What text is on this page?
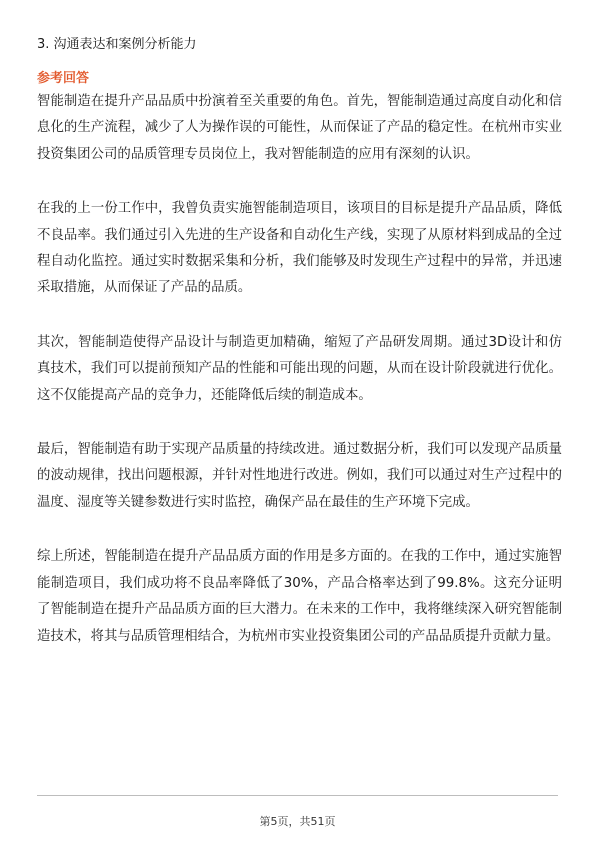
3. 沟通表达和案例分析能力
参考回答

智能制造在提升产品品质中扮演着至关重要的角色。首先，智能制造通过高度自动化和信息化的生产流程，减少了人为操作误的可能性，从而保证了产品的稳定性。在杭州市实业投资集团公司的品质管理专员岗位上，我对智能制造的应用有深刻的认识。

在我的上一份工作中，我曾负责实施智能制造项目，该项目的目标是提升产品品质，降低不良品率。我们通过引入先进的生产设备和自动化生产线，实现了从原材料到成品的全过程自动化监控。通过实时数据采集和分析，我们能够及时发现生产过程中的异常，并迅速采取措施，从而保证了产品的品质。

其次，智能制造使得产品设计与制造更加精确，缩短了产品研发周期。通过3D设计和仿真技术，我们可以提前预知产品的性能和可能出现的问题，从而在设计阶段就进行优化。这不仅能提高产品的竞争力，还能降低后续的制造成本。

最后，智能制造有助于实现产品质量的持续改进。通过数据分析，我们可以发现产品质量的波动规律，找出问题根源，并针对性地进行改进。例如，我们可以通过对生产过程中的温度、湿度等关键参数进行实时监控，确保产品在最佳的生产环境下完成。

综上所述，智能制造在提升产品品质方面的作用是多方面的。在我的工作中，通过实施智能制造项目，我们成功将不良品率降低了30%，产品合格率达到了99.8%。这充分证明了智能制造在提升产品品质方面的巨大潜力。在未来的工作中，我将继续深入研究智能制造技术，将其与品质管理相结合，为杭州市实业投资集团公司的产品品质提升贡献力量。

第5页，共51页
